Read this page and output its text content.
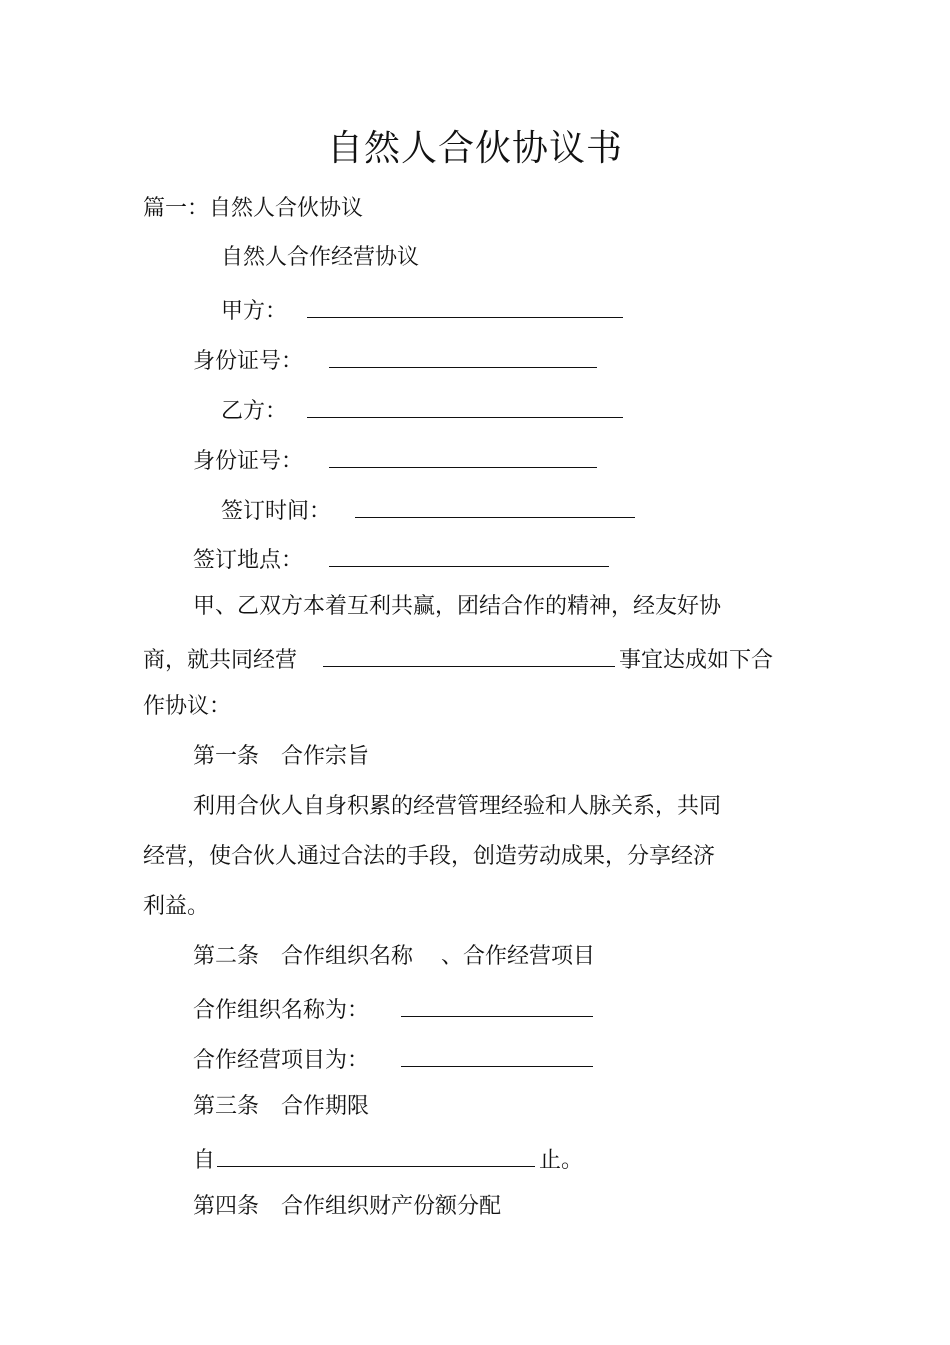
自然人合伙协议书
篇一：自然人合伙协议
自然人合作经营协议
甲方：
身份证号：
乙方：
身份证号：
签订时间：
签订地点：
甲、乙双方本着互利共赢，团结合作的精神，经友好协
商，就共同经营	事宜达成如下合
作协议：
第一条　合作宗旨
利用合伙人自身积累的经营管理经验和人脉关系，共同
经营，使合伙人通过合法的手段，创造劳动成果，分享经济
利益。
第二条　合作组织名称 、合作经营项目
合作组织名称为：
合作经营项目为：
第三条　合作期限
自	止。
第四条　合作组织财产份额分配
